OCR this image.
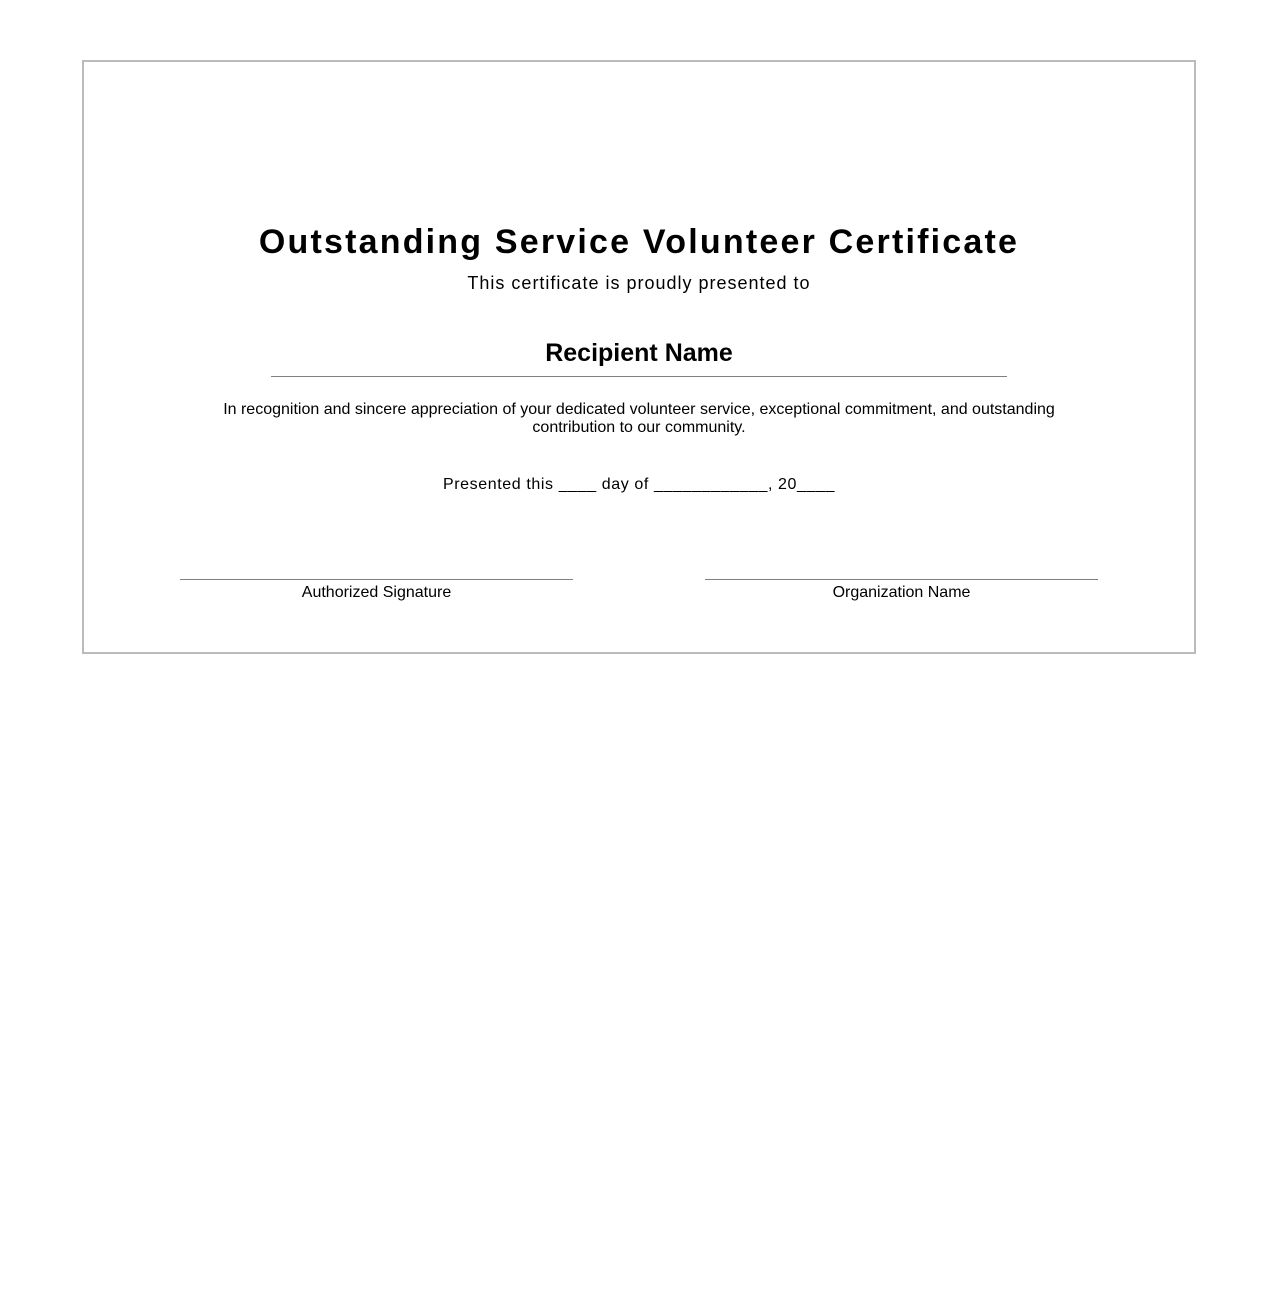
Outstanding Service Volunteer Certificate
This certificate is proudly presented to
Recipient Name
In recognition and sincere appreciation of your dedicated volunteer service, exceptional commitment, and outstanding contribution to our community.
Presented this ____ day of ____________, 20____
Authorized Signature	Organization Name
